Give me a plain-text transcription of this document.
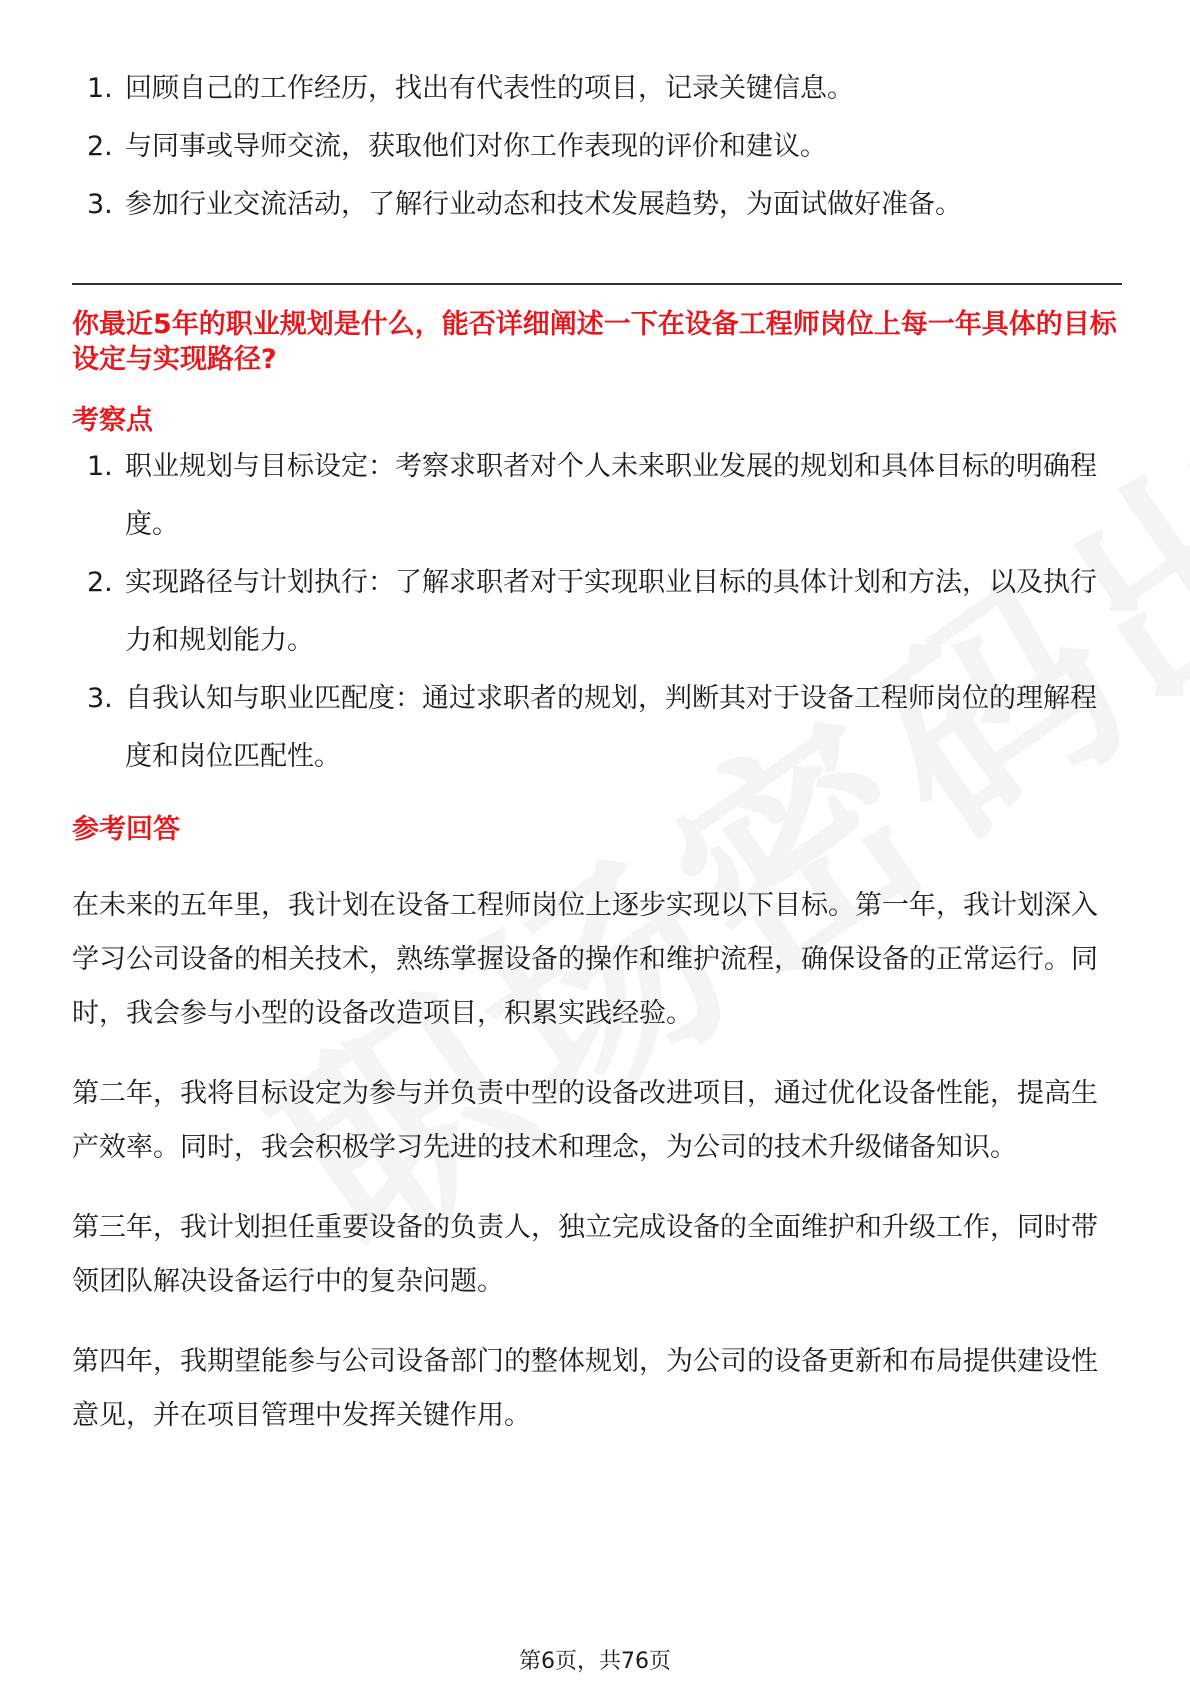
1. 回顾自己的工作经历，找出有代表性的项目，记录关键信息。
2. 与同事或导师交流，获取他们对你工作表现的评价和建议。
3. 参加行业交流活动，了解行业动态和技术发展趋势，为面试做好准备。

你最近5年的职业规划是什么，能否详细阐述一下在设备工程师岗位上每一年具体的目标设定与实现路径?

考察点

1. 职业规划与目标设定：考察求职者对个人未来职业发展的规划和具体目标的明确程度。
2. 实现路径与计划执行：了解求职者对于实现职业目标的具体计划和方法，以及执行力和规划能力。
3. 自我认知与职业匹配度：通过求职者的规划，判断其对于设备工程师岗位的理解程度和岗位匹配性。

参考回答

在未来的五年里，我计划在设备工程师岗位上逐步实现以下目标。第一年，我计划深入学习公司设备的相关技术，熟练掌握设备的操作和维护流程，确保设备的正常运行。同时，我会参与小型的设备改造项目，积累实践经验。

第二年，我将目标设定为参与并负责中型的设备改进项目，通过优化设备性能，提高生产效率。同时，我会积极学习先进的技术和理念，为公司的技术升级储备知识。

第三年，我计划担任重要设备的负责人，独立完成设备的全面维护和升级工作，同时带领团队解决设备运行中的复杂问题。

第四年，我期望能参与公司设备部门的整体规划，为公司的设备更新和布局提供建设性意见，并在项目管理中发挥关键作用。

第6页，共76页
